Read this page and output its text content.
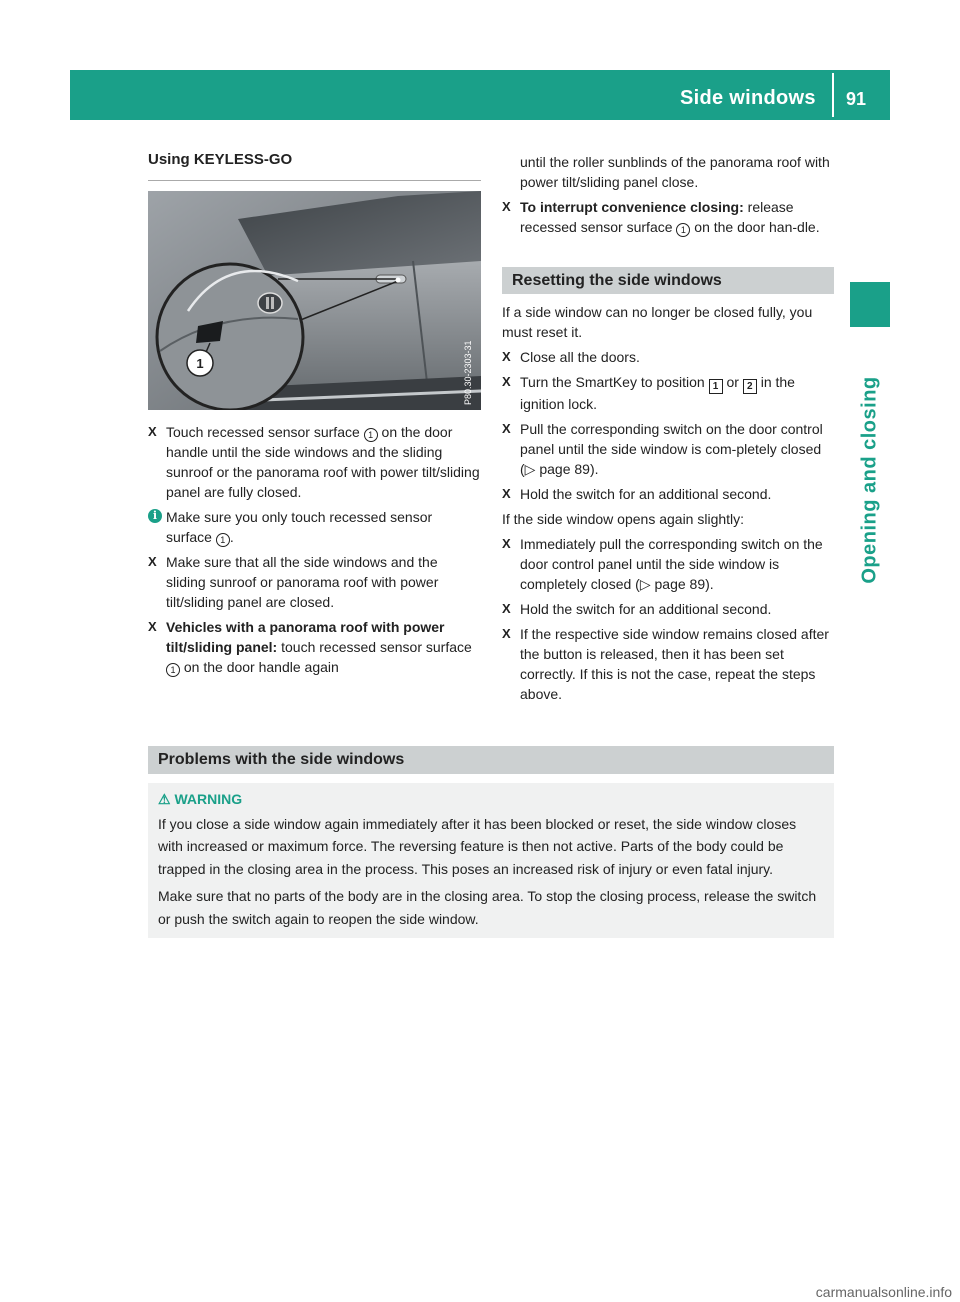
Side windows 91
Opening and closing
Using KEYLESS-GO
1	P80.30-2303-31
X Touch recessed sensor surface 1 on the door handle until the side windows and the sliding sunroof or the panorama roof with power tilt/sliding panel are fully closed.
i Make sure you only touch recessed sensor surface 1 .
X Make sure that all the side windows and the sliding sunroof or panorama roof with power tilt/sliding panel are closed.
X Vehicles with a panorama roof with power tilt/sliding panel: touch recessed sensor surface 1 on the door handle again
until the roller sunblinds of the panorama roof with power tilt/sliding panel close.
X To interrupt convenience closing: release recessed sensor surface 1 on the door han-dle.
Resetting the side windows
If a side window can no longer be closed fully, you must reset it.
X Close all the doors.
X Turn the SmartKey to position 1 or 2 in the ignition lock.
X Pull the corresponding switch on the door control panel until the side window is com-pletely closed (▷ page 89).
X Hold the switch for an additional second.
If the side window opens again slightly:
X Immediately pull the corresponding switch on the door control panel until the side window is completely closed (▷ page 89).
X Hold the switch for an additional second.
X If the respective side window remains closed after the button is released, then it has been set correctly. If this is not the case, repeat the steps above.
Problems with the side windows
⚠ WARNING

If you close a side window again immediately after it has been blocked or reset, the side window closes with increased or maximum force. The reversing feature is then not active. Parts of the body could be trapped in the closing area in the process. This poses an increased risk of injury or even fatal injury.

Make sure that no parts of the body are in the closing area. To stop the closing process, release the switch or push the switch again to reopen the side window.

carmanualsonline.info
